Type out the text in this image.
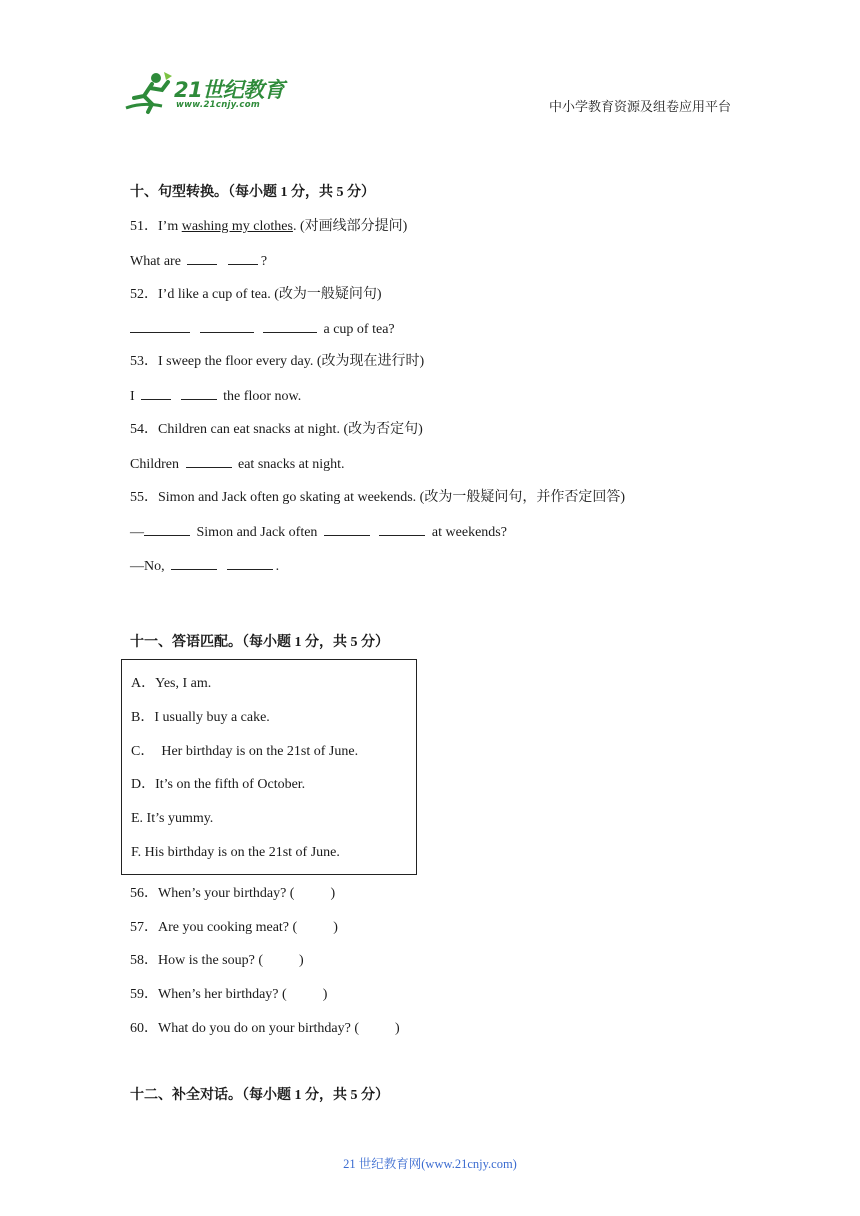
21世纪教育
www.21cnjy.com	中小学教育资源及组卷应用平台
十、句型转换。（每小题 1 分，共 5 分）
51．I’m washing my clothes. (对画线部分提问)
What are	?
52．I’d like a cup of tea. (改为一般疑问句)
a cup of tea?
53．I sweep the floor every day. (改为现在进行时)
I	the floor now.
54．Children can eat snacks at night. (改为否定句)
Children	eat snacks at night.
55．Simon and Jack often go skating at weekends. (改为一般疑问句，并作否定回答)
—	Simon and Jack often	at weekends?
—No,	.
十一、答语匹配。（每小题 1 分，共 5 分）
56．When’s your birthday? (	)
57．Are you cooking meat? (	)
58．How is the soup? (	)
59．When’s her birthday? (	)
60．What do you do on your birthday? (	)
十二、补全对话。（每小题 1 分，共 5 分）
A．Yes, I am.
B．I usually buy a cake.
C．  Her birthday is on the 21st of June.
D．It’s on the fifth of October.
E. It’s yummy.
F. His birthday is on the 21st of June.
21 世纪教育网(www.21cnjy.com)
